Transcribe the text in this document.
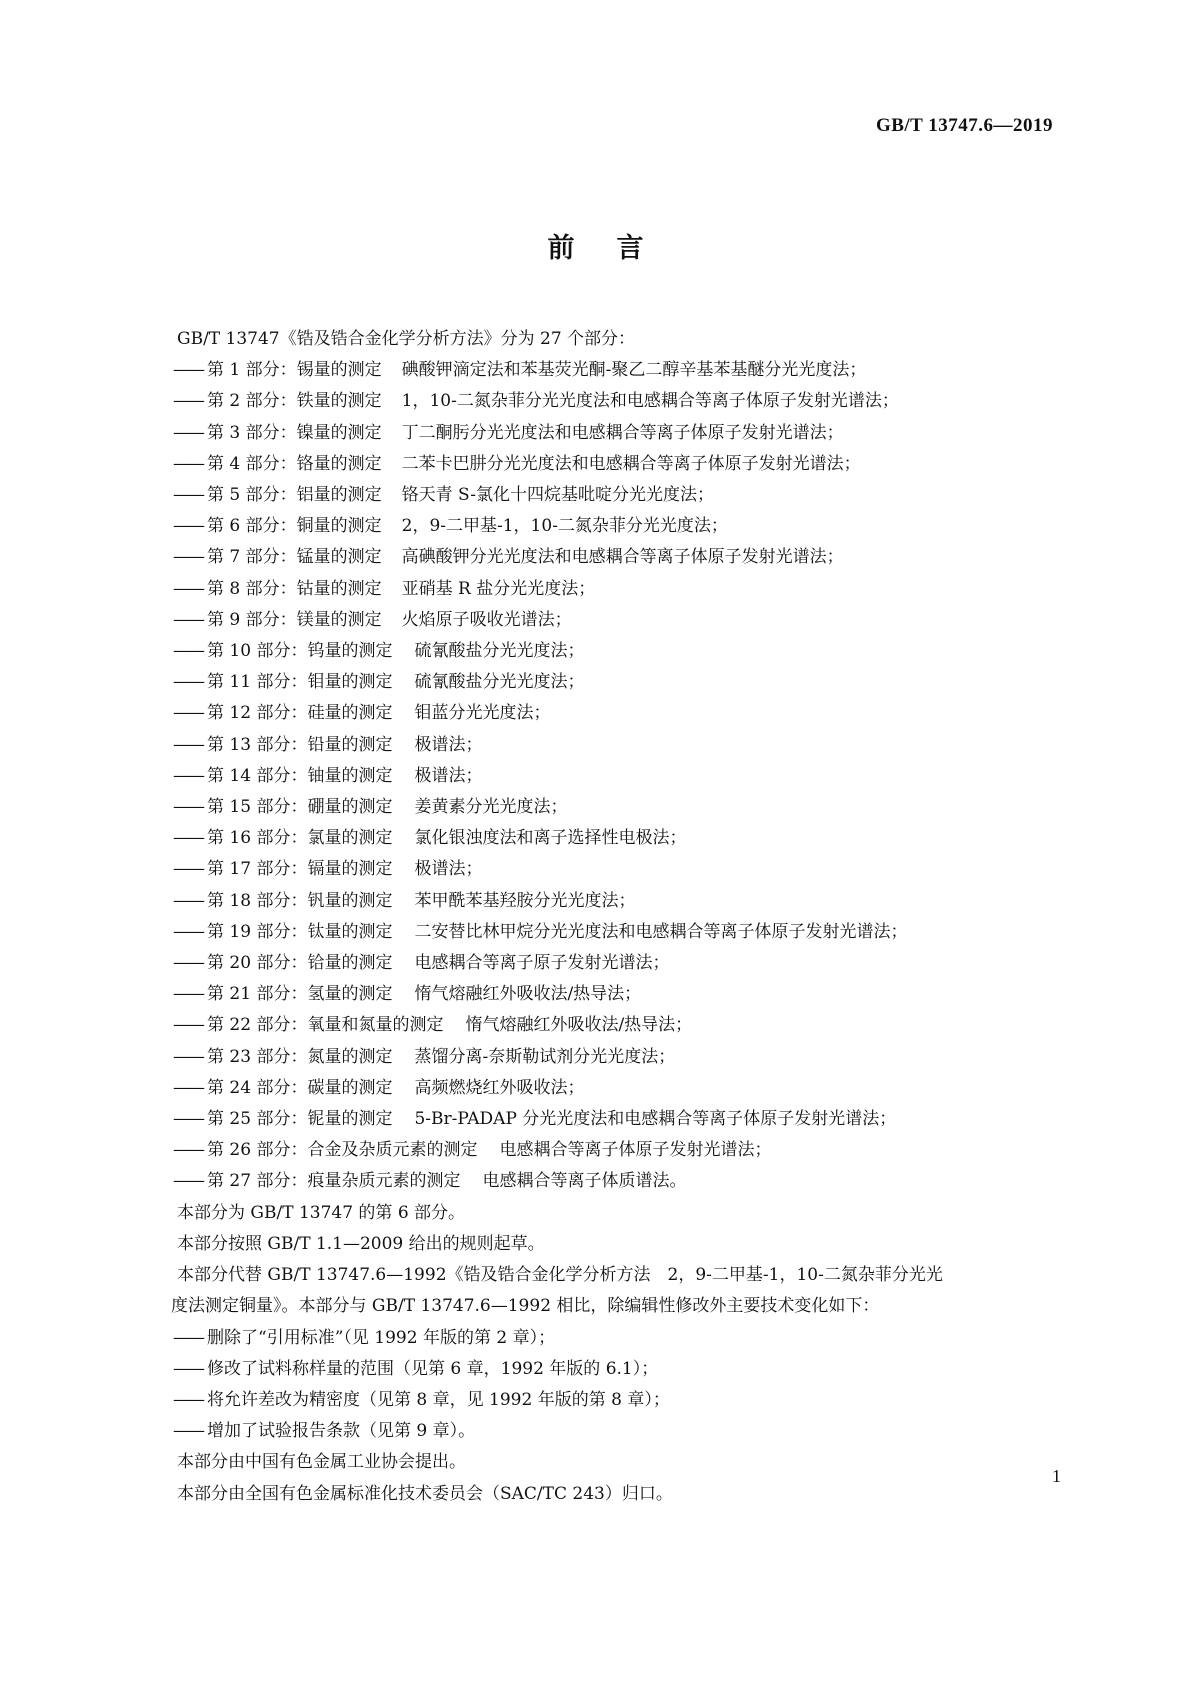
GB/T 13747.6—2019
前 言
GB/T 13747《锆及锆合金化学分析方法》分为 27 个部分：
—— 第 1 部分：锡量的测定 碘酸钾滴定法和苯基荧光酮-聚乙二醇辛基苯基醚分光光度法；
—— 第 2 部分：铁量的测定 1，10-二氮杂菲分光光度法和电感耦合等离子体原子发射光谱法；
—— 第 3 部分：镍量的测定 丁二酮肟分光光度法和电感耦合等离子体原子发射光谱法；
—— 第 4 部分：铬量的测定 二苯卡巴肼分光光度法和电感耦合等离子体原子发射光谱法；
—— 第 5 部分：铝量的测定 铬天青 S-氯化十四烷基吡啶分光光度法；
—— 第 6 部分：铜量的测定 2，9-二甲基-1，10-二氮杂菲分光光度法；
—— 第 7 部分：锰量的测定 高碘酸钾分光光度法和电感耦合等离子体原子发射光谱法；
—— 第 8 部分：钴量的测定 亚硝基 R 盐分光光度法；
—— 第 9 部分：镁量的测定 火焰原子吸收光谱法；
—— 第 10 部分：钨量的测定 硫氰酸盐分光光度法；
—— 第 11 部分：钼量的测定 硫氰酸盐分光光度法；
—— 第 12 部分：硅量的测定 钼蓝分光光度法；
—— 第 13 部分：铅量的测定 极谱法；
—— 第 14 部分：铀量的测定 极谱法；
—— 第 15 部分：硼量的测定 姜黄素分光光度法；
—— 第 16 部分：氯量的测定 氯化银浊度法和离子选择性电极法；
—— 第 17 部分：镉量的测定 极谱法；
—— 第 18 部分：钒量的测定 苯甲酰苯基羟胺分光光度法；
—— 第 19 部分：钛量的测定 二安替比林甲烷分光光度法和电感耦合等离子体原子发射光谱法；
—— 第 20 部分：铪量的测定 电感耦合等离子原子发射光谱法；
—— 第 21 部分：氢量的测定 惰气熔融红外吸收法/热导法；
—— 第 22 部分：氧量和氮量的测定 惰气熔融红外吸收法/热导法；
—— 第 23 部分：氮量的测定 蒸馏分离-奈斯勒试剂分光光度法；
—— 第 24 部分：碳量的测定 高频燃烧红外吸收法；
—— 第 25 部分：铌量的测定 5-Br-PADAP 分光光度法和电感耦合等离子体原子发射光谱法；
—— 第 26 部分：合金及杂质元素的测定 电感耦合等离子体原子发射光谱法；
—— 第 27 部分：痕量杂质元素的测定 电感耦合等离子体质谱法。
本部分为 GB/T 13747 的第 6 部分。
本部分按照 GB/T 1.1—2009 给出的规则起草。
本部分代替 GB/T 13747.6—1992《锆及锆合金化学分析方法　2，9-二甲基-1，10-二氮杂菲分光光
度法测定铜量》。本部分与 GB/T 13747.6—1992 相比，除编辑性修改外主要技术变化如下：
—— 删除了“引用标准”（见 1992 年版的第 2 章）；
—— 修改了试料称样量的范围（见第 6 章，1992 年版的 6.1）；
—— 将允许差改为精密度（见第 8 章，见 1992 年版的第 8 章）；
—— 增加了试验报告条款（见第 9 章）。
本部分由中国有色金属工业协会提出。
本部分由全国有色金属标准化技术委员会（SAC/TC 243）归口。
1
